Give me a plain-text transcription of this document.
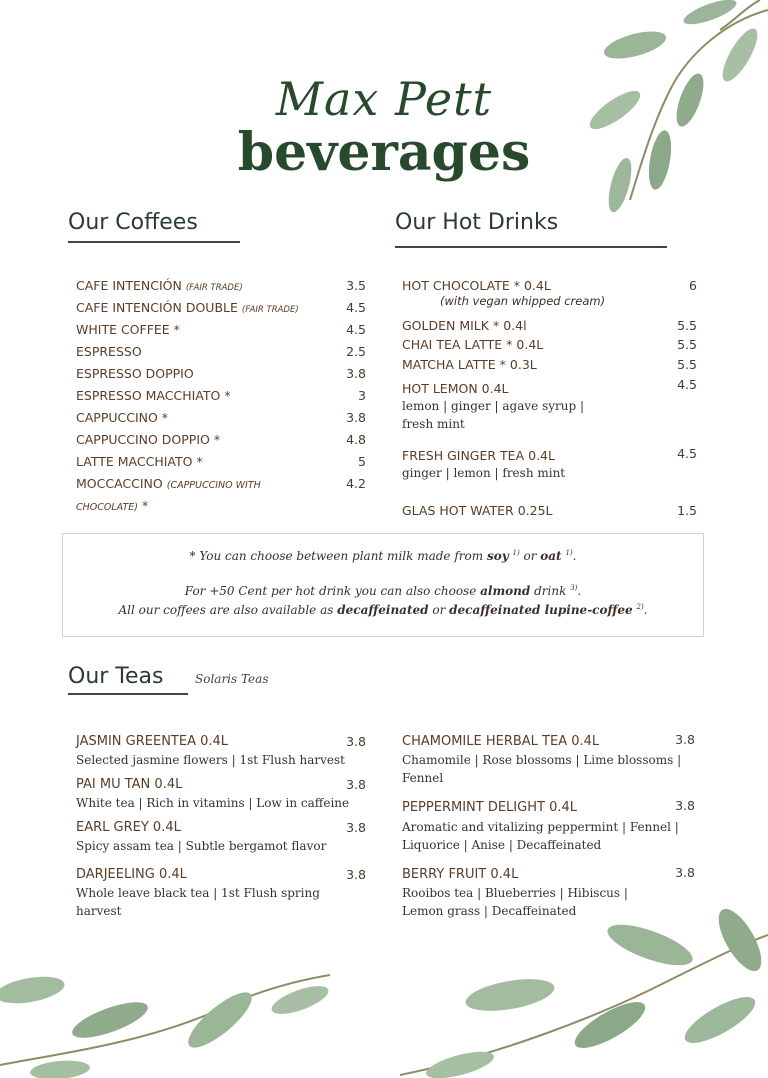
Max Pett
beverages
Our Coffees
CAFE INTENCIÓN (FAIR TRADE)	3.5
CAFE INTENCIÓN DOUBLE (FAIR TRADE)	4.5
WHITE COFFEE *	4.5
ESPRESSO	2.5
ESPRESSO DOPPIO	3.8
ESPRESSO MACCHIATO *	3
CAPPUCCINO *	3.8
CAPPUCCINO DOPPIO *	4.8
LATTE MACCHIATO *	5
MOCCACCINO (CAPPUCCINO WITH	4.2
CHOCOLATE) *
Our Hot Drinks
HOT CHOCOLATE * 0.4L	6
(with vegan whipped cream)
GOLDEN MILK * 0.4l	5.5
CHAI TEA LATTE * 0.4L	5.5
MATCHA LATTE * 0.3L	5.5
HOT LEMON 0.4L	4.5
lemon | ginger | agave syrup |
fresh mint
FRESH GINGER TEA 0.4L	4.5
ginger | lemon | fresh mint
GLAS HOT WATER 0.25L	1.5

* You can choose between plant milk made from soy $^{1)}$ or oat $^{1)}$.

For +50 Cent per hot drink you can also choose almond drink $^{3)}$.

All our coffees are also available as decaffeinated or decaffeinated lupine-coffee $^{2)}$.

Our Teas	Solaris Teas
JASMIN GREENTEA 0.4L	3.8
Selected jasmine flowers | 1st Flush harvest
PAI MU TAN 0.4L	3.8
White tea | Rich in vitamins | Low in caffeine
EARL GREY 0.4L	3.8
Spicy assam tea | Subtle bergamot flavor
DARJEELING 0.4L	3.8
Whole leave black tea | 1st Flush spring
harvest
CHAMOMILE HERBAL TEA 0.4L	3.8
Chamomile | Rose blossoms | Lime blossoms |
Fennel
PEPPERMINT DELIGHT 0.4L	3.8
Aromatic and vitalizing peppermint | Fennel |
Liquorice | Anise | Decaffeinated
BERRY FRUIT 0.4L	3.8
Rooibos tea | Blueberries | Hibiscus |
Lemon grass | Decaffeinated
